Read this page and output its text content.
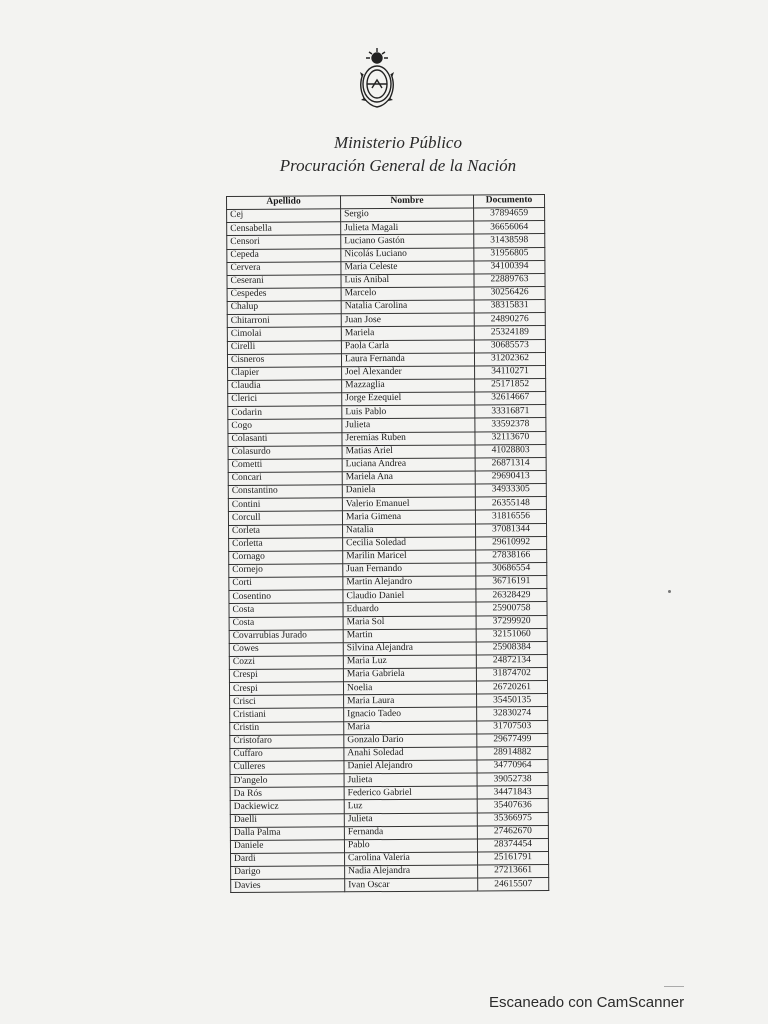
Ministerio Público
Procuración General de la Nación
Apellido	Nombre	Documento
Cej	Sergio	37894659
Censabella	Julieta Magali	36656064
Censori	Luciano Gastón	31438598
Cepeda	Nicolás Luciano	31956805
Cervera	Maria Celeste	34100394
Ceserani	Luis Anibal	22889763
Cespedes	Marcelo	30256426
Chalup	Natalia Carolina	38315831
Chitarroni	Juan Jose	24890276
Cimolai	Mariela	25324189
Cirelli	Paola Carla	30685573
Cisneros	Laura Fernanda	31202362
Clapier	Joel Alexander	34110271
Claudia	Mazzaglia	25171852
Clerici	Jorge Ezequiel	32614667
Codarin	Luis Pablo	33316871
Cogo	Julieta	33592378
Colasanti	Jeremias Ruben	32113670
Colasurdo	Matias Ariel	41028803
Cometti	Luciana Andrea	26871314
Concari	Mariela Ana	29690413
Constantino	Daniela	34933305
Contini	Valerio Emanuel	26355148
Corcull	Maria Gimena	31816556
Corleta	Natalia	37081344
Corletta	Cecilia Soledad	29610992
Cornago	Marilin Maricel	27838166
Cornejo	Juan Fernando	30686554
Corti	Martin Alejandro	36716191
Cosentino	Claudio Daniel	26328429
Costa	Eduardo	25900758
Costa	Maria Sol	37299920
Covarrubias Jurado	Martin	32151060
Cowes	Silvina Alejandra	25908384
Cozzi	Maria Luz	24872134
Crespi	Maria Gabriela	31874702
Crespi	Noelia	26720261
Crisci	Maria Laura	35450135
Cristiani	Ignacio Tadeo	32830274
Cristin	Maria	31707503
Cristofaro	Gonzalo Dario	29677499
Cuffaro	Anahi Soledad	28914882
Culleres	Daniel Alejandro	34770964
D'angelo	Julieta	39052738
Da Rós	Federico Gabriel	34471843
Dackiewicz	Luz	35407636
Daelli	Julieta	35366975
Dalla Palma	Fernanda	27462670
Daniele	Pablo	28374454
Dardi	Carolina Valeria	25161791
Darigo	Nadia Alejandra	27213661
Davies	Ivan Oscar	24615507
Escaneado con CamScanner
